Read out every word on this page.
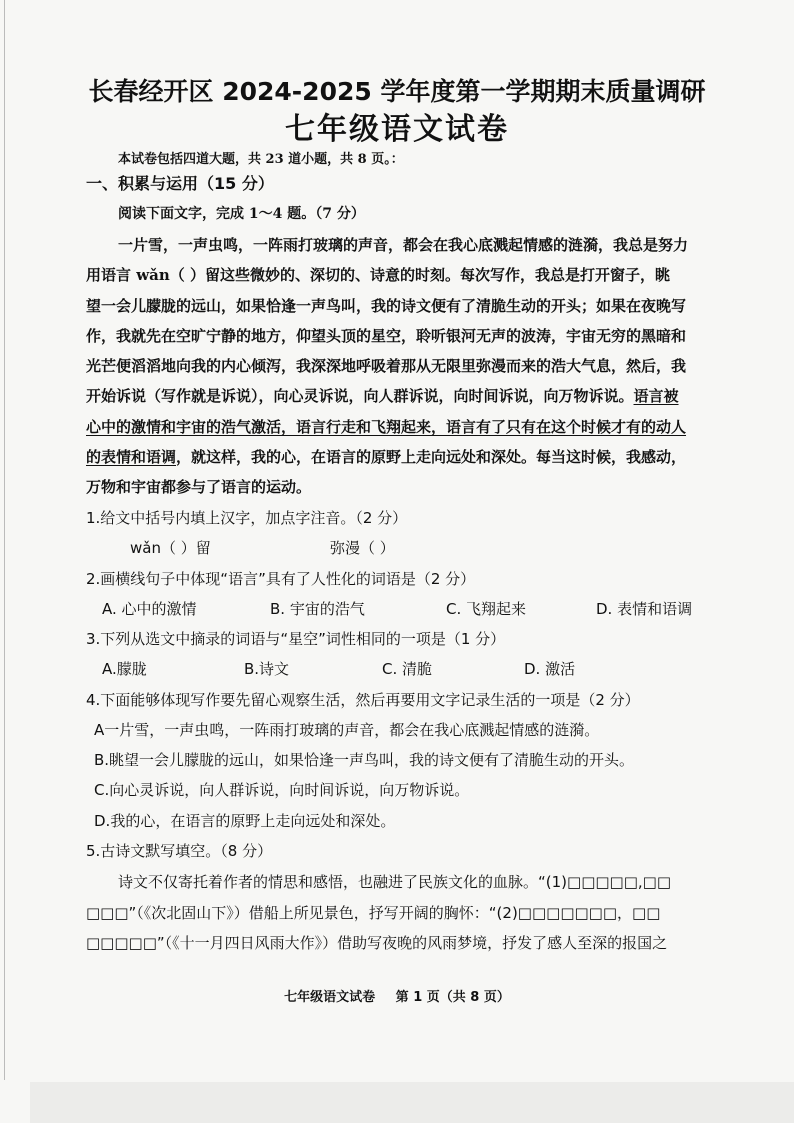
长春经开区 2024-2025 学年度第一学期期末质量调研
七年级语文试卷
本试卷包括四道大题，共 23 道小题，共 8 页。：
一、积累与运用（15 分）
阅读下面文字，完成 1～4 题。（7 分）
一片雪，一声虫鸣，一阵雨打玻璃的声音，都会在我心底溅起情感的涟漪，我总是努力
用语言 wǎn（ ）留这些微妙的、深切的、诗意的时刻。每次写作，我总是打开窗子，眺
望一会儿朦胧的远山，如果恰逢一声鸟叫，我的诗文便有了清脆生动的开头；如果在夜晚写
作，我就先在空旷宁静的地方，仰望头顶的星空，聆听银河无声的波涛，宇宙无穷的黑暗和
光芒便滔滔地向我的内心倾泻，我深深地呼吸着那从无限里弥漫而来的浩大气息，然后，我
开始诉说（写作就是诉说），向心灵诉说，向人群诉说，向时间诉说，向万物诉说。语言被
心中的激情和宇宙的浩气激活，语言行走和飞翔起来，语言有了只有在这个时候才有的动人
的表情和语调，就这样，我的心，在语言的原野上走向远处和深处。每当这时候，我感动，
万物和宇宙都参与了语言的运动。
1.给文中括号内填上汉字，加点字注音。（2 分）
wǎn（ ）留	弥漫（ ）
2.画横线句子中体现“语言”具有了人性化的词语是（2 分）
A. 心中的激情	B. 宇宙的浩气	C. 飞翔起来	D. 表情和语调
3.下列从选文中摘录的词语与“星空”词性相同的一项是（1 分）
A.朦胧	B.诗文	C. 清脆	D. 激活
4.下面能够体现写作要先留心观察生活，然后再要用文字记录生活的一项是（2 分）
A一片雪，一声虫鸣，一阵雨打玻璃的声音，都会在我心底溅起情感的涟漪。
B.眺望一会儿朦胧的远山，如果恰逢一声鸟叫，我的诗文便有了清脆生动的开头。
C.向心灵诉说，向人群诉说，向时间诉说，向万物诉说。
D.我的心，在语言的原野上走向远处和深处。
5.古诗文默写填空。（8 分）
诗文不仅寄托着作者的情思和感悟，也融进了民族文化的血脉。“(1)□□□□□,□□
□□□”（《次北固山下》）借船上所见景色，抒写开阔的胸怀：“(2)□□□□□□□，□□
□□□□□”（《十一月四日风雨大作》）借助写夜晚的风雨梦境，抒发了感人至深的报国之
七年级语文试卷 第 1 页（共 8 页）
